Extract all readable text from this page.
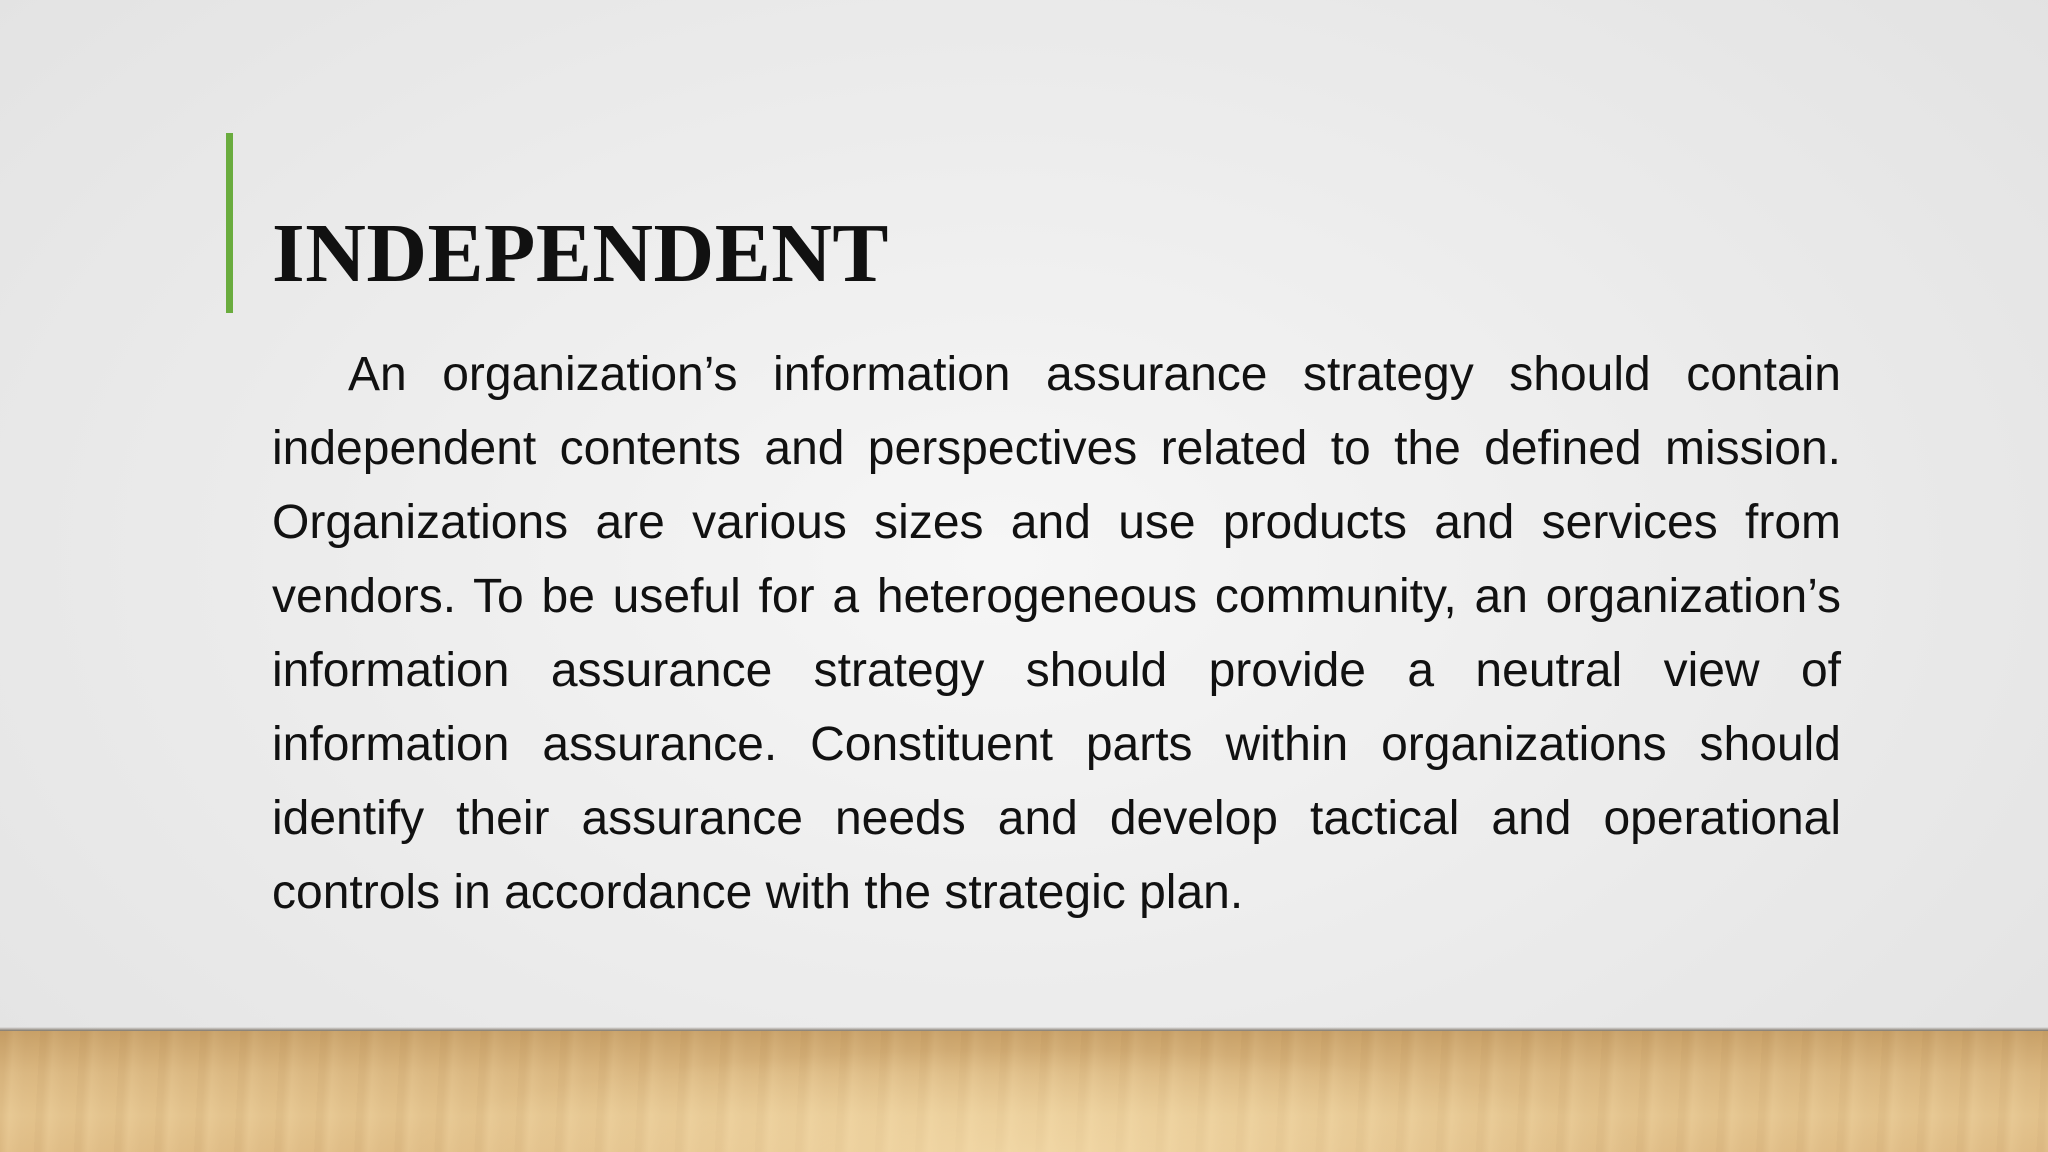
INDEPENDENT

An organization’s information assurance strategy should contain independent contents and perspectives related to the defined mission. Organizations are various sizes and use products and services from vendors. To be useful for a heterogeneous community, an organization’s information assurance strategy should provide a neutral view of information assurance. Constituent parts within organizations should identify their assurance needs and develop tactical and operational controls in accordance with the strategic plan.
